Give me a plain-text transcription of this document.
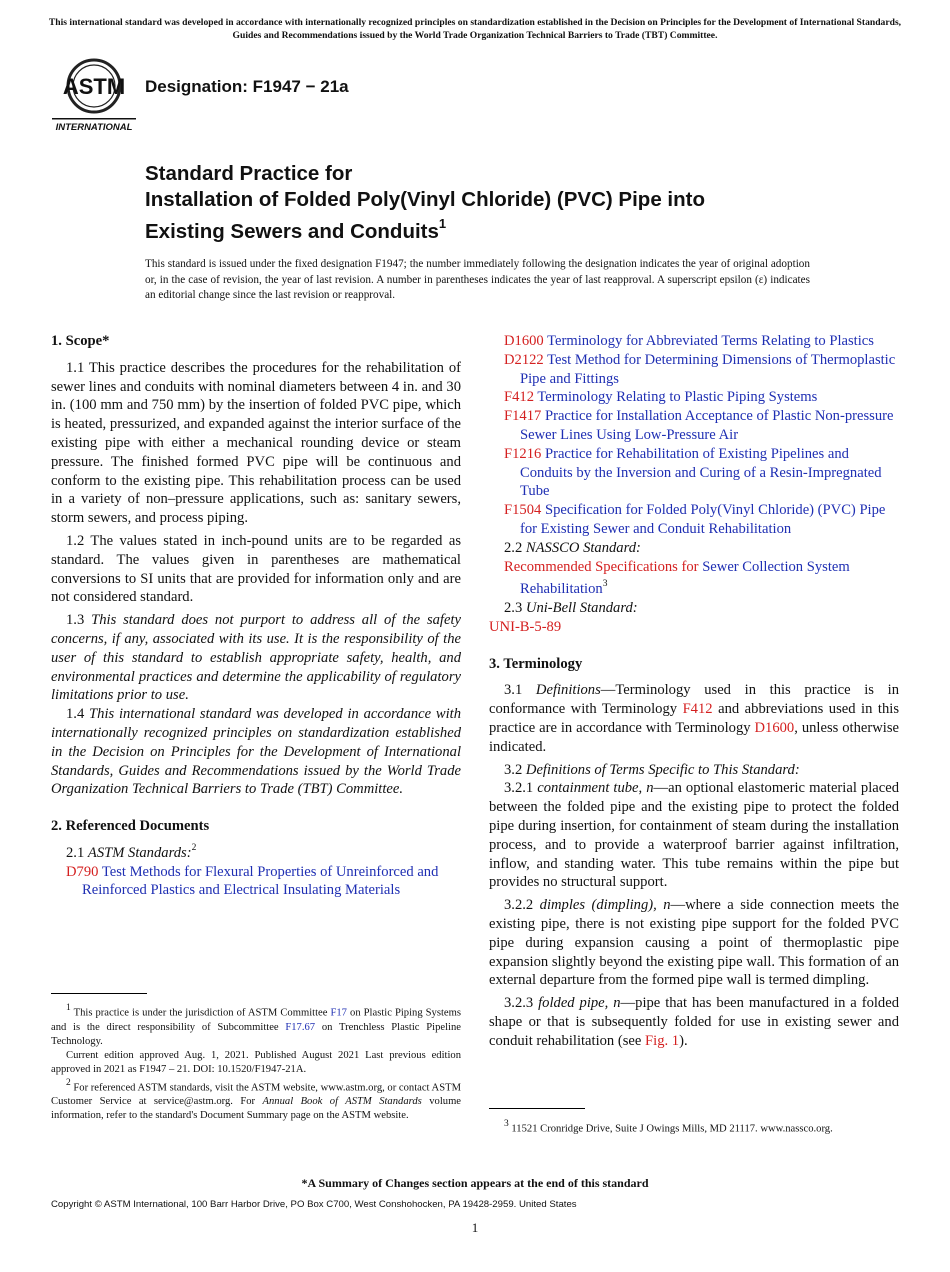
This international standard was developed in accordance with internationally recognized principles on standardization established in the Decision on Principles for the Development of International Standards, Guides and Recommendations issued by the World Trade Organization Technical Barriers to Trade (TBT) Committee.
ASTM
INTERNATIONAL
Designation: F1947 − 21a
Standard Practice for
Installation of Folded Poly(Vinyl Chloride) (PVC) Pipe into
Existing Sewers and Conduits$^1$
This standard is issued under the fixed designation F1947; the number immediately following the designation indicates the year of original adoption or, in the case of revision, the year of last revision. A number in parentheses indicates the year of last reapproval. A superscript epsilon (ε) indicates an editorial change since the last revision or reapproval.
1. Scope*

1.1 This practice describes the procedures for the rehabilitation of sewer lines and conduits with nominal diameters between 4 in. and 30 in. (100 mm and 750 mm) by the insertion of folded PVC pipe, which is heated, pressurized, and expanded against the interior surface of the existing pipe with either a mechanical rounding device or steam pressure. The finished formed PVC pipe will be continuous and conform to the existing pipe. This rehabilitation process can be used in a variety of non–pressure applications, such as: sanitary sewers, storm sewers, and process piping.

1.2 The values stated in inch-pound units are to be regarded as standard. The values given in parentheses are mathematical conversions to SI units that are provided for information only and are not considered standard.

1.3 This standard does not purport to address all of the safety concerns, if any, associated with its use. It is the responsibility of the user of this standard to establish appropriate safety, health, and environmental practices and determine the applicability of regulatory limitations prior to use.

1.4 This international standard was developed in accordance with internationally recognized principles on standardization established in the Decision on Principles for the Development of International Standards, Guides and Recommendations issued by the World Trade Organization Technical Barriers to Trade (TBT) Committee.

2. Referenced Documents
2.1 ASTM Standards:$^2$
D790 Test Methods for Flexural Properties of Unreinforced and Reinforced Plastics and Electrical Insulating Materials

$^1$ This practice is under the jurisdiction of ASTM Committee F17 on Plastic Piping Systems and is the direct responsibility of Subcommittee F17.67 on Trenchless Plastic Pipeline Technology.

Current edition approved Aug. 1, 2021. Published August 2021 Last previous edition approved in 2021 as F1947 – 21. DOI: 10.1520/F1947-21A.

$^2$ For referenced ASTM standards, visit the ASTM website, www.astm.org, or contact ASTM Customer Service at service@astm.org. For Annual Book of ASTM Standards volume information, refer to the standard's Document Summary page on the ASTM website.

D1600 Terminology for Abbreviated Terms Relating to Plastics
D2122 Test Method for Determining Dimensions of Thermoplastic Pipe and Fittings
F412 Terminology Relating to Plastic Piping Systems
F1417 Practice for Installation Acceptance of Plastic Non-pressure Sewer Lines Using Low-Pressure Air
F1216 Practice for Rehabilitation of Existing Pipelines and Conduits by the Inversion and Curing of a Resin-Impregnated Tube
F1504 Specification for Folded Poly(Vinyl Chloride) (PVC) Pipe for Existing Sewer and Conduit Rehabilitation
2.2 NASSCO Standard:
Recommended Specifications for Sewer Collection System Rehabilitation$^3$
2.3 Uni-Bell Standard:
UNI-B-5-89
3. Terminology

3.1 Definitions—Terminology used in this practice is in conformance with Terminology F412 and abbreviations used in this practice are in accordance with Terminology D1600, unless otherwise indicated.

3.2 Definitions of Terms Specific to This Standard:

3.2.1 containment tube, n—an optional elastomeric material placed between the folded pipe and the existing pipe to protect the folded pipe during insertion, for containment of steam during the installation process, and to provide a waterproof barrier against infiltration, inflow, and standing water. This tube remains within the pipe but provides no structural support.

3.2.2 dimples (dimpling), n—where a side connection meets the existing pipe, there is not existing pipe support for the folded PVC pipe during expansion causing a point of thermoplastic pipe expansion slightly beyond the existing pipe wall. This formation of an external departure from the formed pipe wall is termed dimpling.

3.2.3 folded pipe, n—pipe that has been manufactured in a folded shape or that is subsequently folded for use in existing sewer and conduit rehabilitation (see Fig. 1).

$^3$ 11521 Cronridge Drive, Suite J Owings Mills, MD 21117. www.nassco.org.

*A Summary of Changes section appears at the end of this standard
Copyright © ASTM International, 100 Barr Harbor Drive, PO Box C700, West Conshohocken, PA 19428-2959. United States
1
